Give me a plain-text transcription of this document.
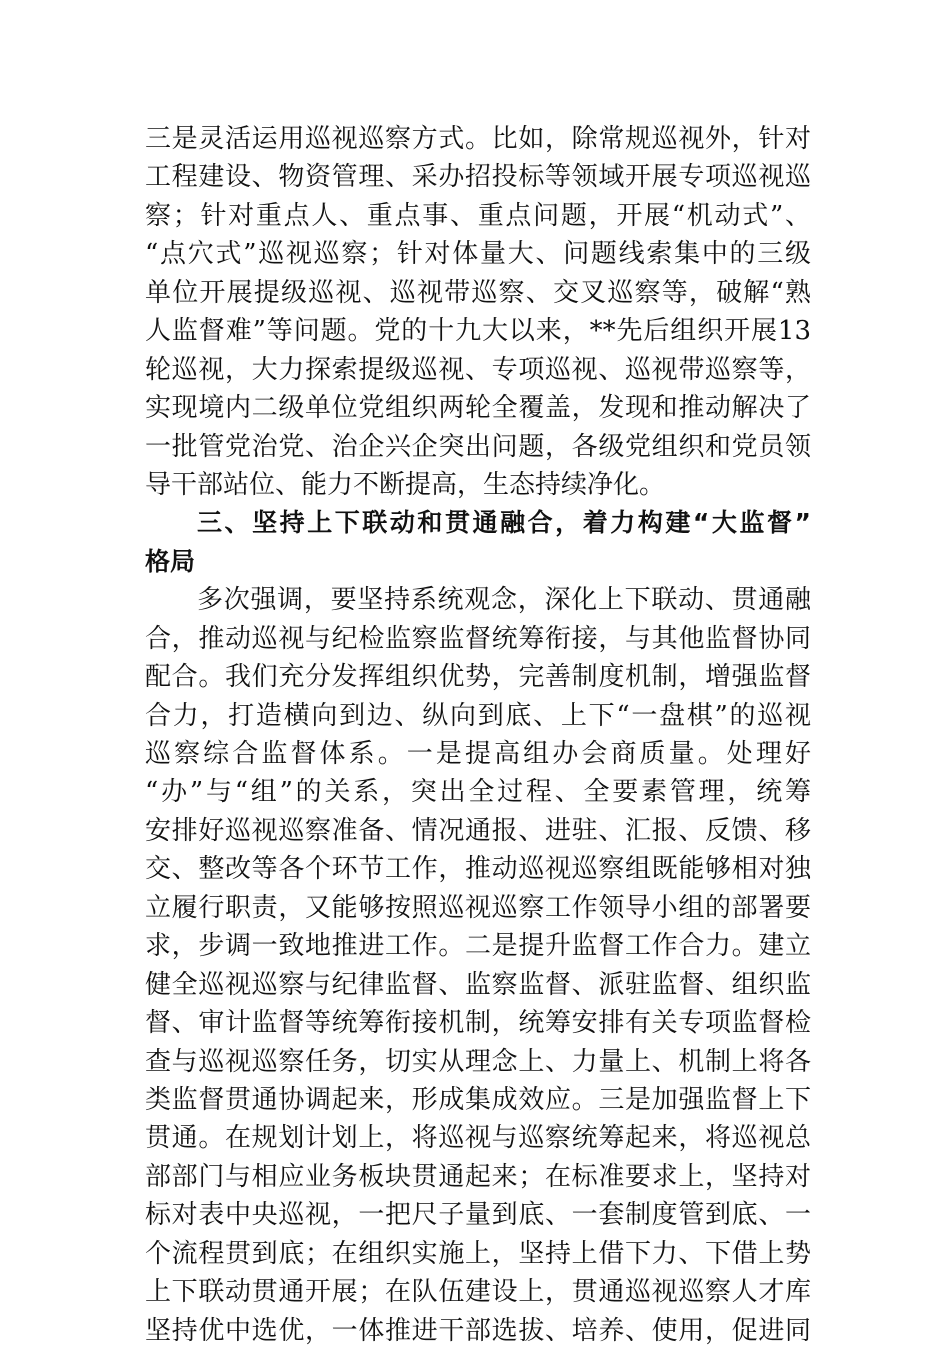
三是灵活运用巡视巡察方式。比如，除常规巡视外，针对
工程建设、物资管理、采办招投标等领域开展专项巡视巡
察；针对重点人、重点事、重点问题，开展“机动式”、
“点穴式”巡视巡察；针对体量大、问题线索集中的三级
单位开展提级巡视、巡视带巡察、交叉巡察等，破解“熟
人监督难”等问题。党的十九大以来，**先后组织开展13
轮巡视，大力探索提级巡视、专项巡视、巡视带巡察等，
实现境内二级单位党组织两轮全覆盖，发现和推动解决了
一批管党治党、治企兴企突出问题，各级党组织和党员领
导干部站位、能力不断提高，生态持续净化。
三、坚持上下联动和贯通融合，着力构建“大监督”
格局
多次强调，要坚持系统观念，深化上下联动、贯通融
合，推动巡视与纪检监察监督统筹衔接，与其他监督协同
配合。我们充分发挥组织优势，完善制度机制，增强监督
合力，打造横向到边、纵向到底、上下“一盘棋”的巡视
巡察综合监督体系。一是提高组办会商质量。处理好
“办”与“组”的关系，突出全过程、全要素管理，统筹
安排好巡视巡察准备、情况通报、进驻、汇报、反馈、移
交、整改等各个环节工作，推动巡视巡察组既能够相对独
立履行职责，又能够按照巡视巡察工作领导小组的部署要
求，步调一致地推进工作。二是提升监督工作合力。建立
健全巡视巡察与纪律监督、监察监督、派驻监督、组织监
督、审计监督等统筹衔接机制，统筹安排有关专项监督检
查与巡视巡察任务，切实从理念上、力量上、机制上将各
类监督贯通协调起来，形成集成效应。三是加强监督上下
贯通。在规划计划上，将巡视与巡察统筹起来，将巡视总
部部门与相应业务板块贯通起来；在标准要求上，坚持对
标对表中央巡视，一把尺子量到底、一套制度管到底、一
个流程贯到底；在组织实施上，坚持上借下力、下借上势
上下联动贯通开展；在队伍建设上，贯通巡视巡察人才库
坚持优中选优，一体推进干部选拔、培养、使用，促进同
